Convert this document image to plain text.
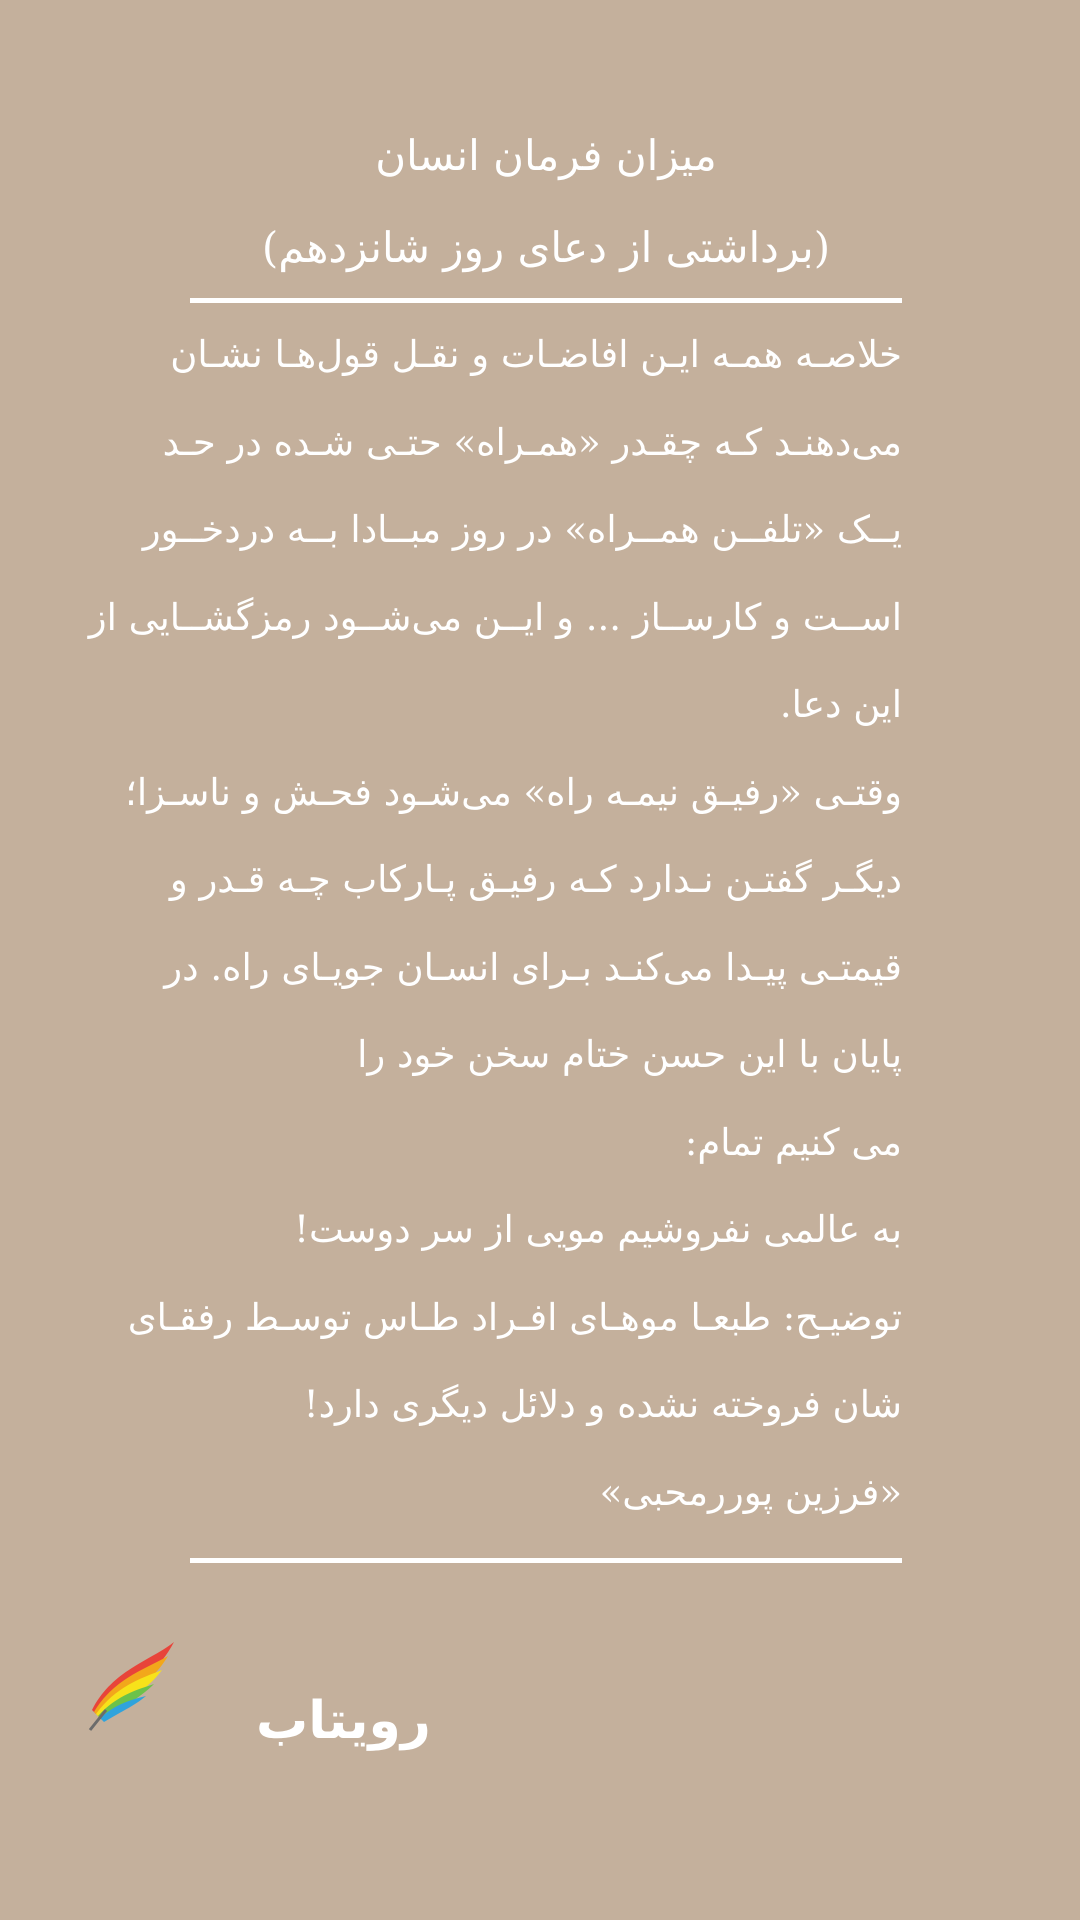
میزان فرمان انسان
(برداشتی از دعای روز شانزدهم)
خلاصـه همـه ایـن افاضـات و نقـل قول‌هـا نشـان
می‌دهنـد کـه چقـدر «همـراه» حتـی شـده در حـد
یــک «تلفــن همــراه» در روز مبــادا بــه دردخــور
اســت و کارســاز ... و ایــن می‌شــود رمزگشــایی از
این دعا.
وقتـی «رفیـق نیمـه راه» می‌شـود فحـش و ناسـزا؛
دیگـر گفتـن نـدارد کـه رفیـق پـارکاب چـه قـدر و
قیمتـی پیـدا می‌کنـد بـرای انسـان جویـای راه. در
پایان با این حسن ختام سخن خود را
می کنیم تمام:
به عالمی نفروشیم مویی از سر دوست!
توضیـح: طبعـا موهـای افـراد طـاس توسـط رفقـای
شان فروخته نشده و دلائل دیگری دارد!
«فرزین پوررمحبی»
رویتاب
